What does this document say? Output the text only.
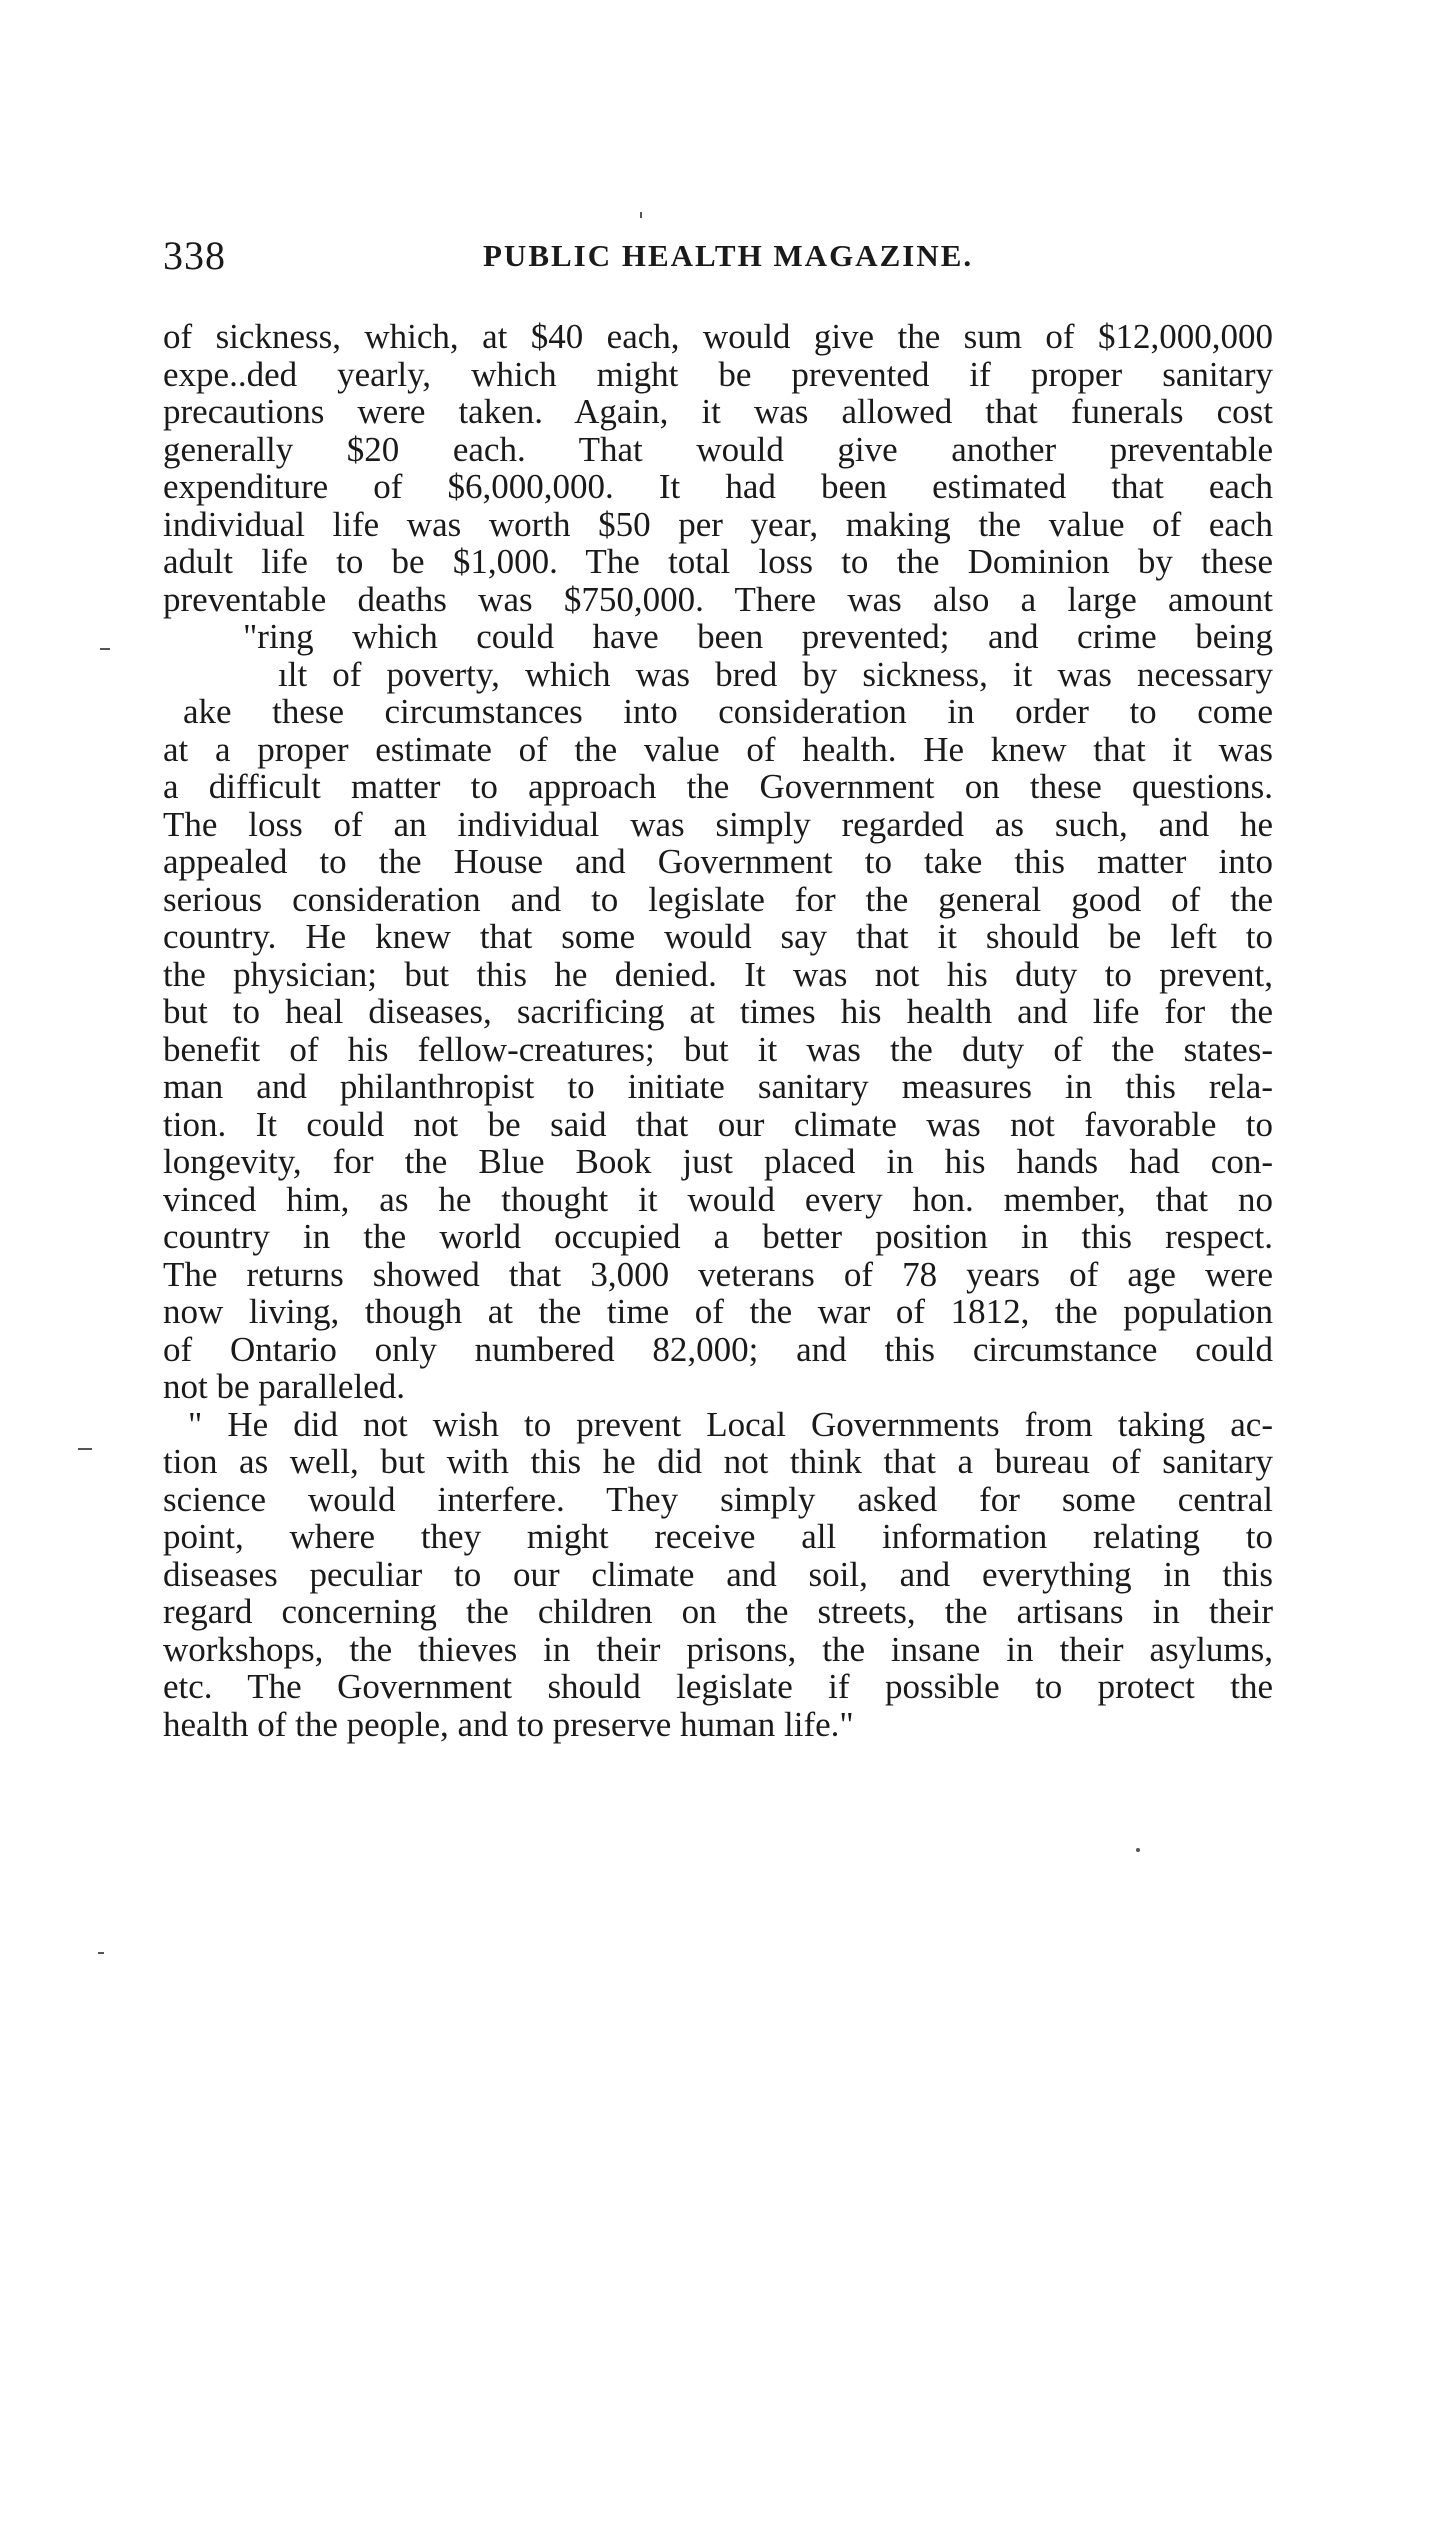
338	PUBLIC HEALTH MAGAZINE.
of sickness, which, at $40 each, would give the sum of $12,000,000
expe..ded yearly, which might be prevented if proper sanitary
precautions were taken. Again, it was allowed that funerals cost
generally $20 each. That would give another preventable
expenditure of $6,000,000. It had been estimated that each
individual life was worth $50 per year, making the value of each
adult life to be $1,000. The total loss to the Dominion by these
preventable deaths was $750,000. There was also a large amount
"ring which could have been prevented; and crime being
ılt of poverty, which was bred by sickness, it was necessary
ake these circumstances into consideration in order to come
at a proper estimate of the value of health. He knew that it was
a difficult matter to approach the Government on these questions.
The loss of an individual was simply regarded as such, and he
appealed to the House and Government to take this matter into
serious consideration and to legislate for the general good of the
country. He knew that some would say that it should be left to
the physician; but this he denied. It was not his duty to prevent,
but to heal diseases, sacrificing at times his health and life for the
benefit of his fellow-creatures; but it was the duty of the states-
man and philanthropist to initiate sanitary measures in this rela-
tion. It could not be said that our climate was not favorable to
longevity, for the Blue Book just placed in his hands had con-
vinced him, as he thought it would every hon. member, that no
country in the world occupied a better position in this respect.
The returns showed that 3,000 veterans of 78 years of age were
now living, though at the time of the war of 1812, the population
of Ontario only numbered 82,000; and this circumstance could
not be paralleled.
" He did not wish to prevent Local Governments from taking ac-
tion as well, but with this he did not think that a bureau of sanitary
science would interfere. They simply asked for some central
point, where they might receive all information relating to
diseases peculiar to our climate and soil, and everything in this
regard concerning the children on the streets, the artisans in their
workshops, the thieves in their prisons, the insane in their asylums,
etc. The Government should legislate if possible to protect the
health of the people, and to preserve human life."
